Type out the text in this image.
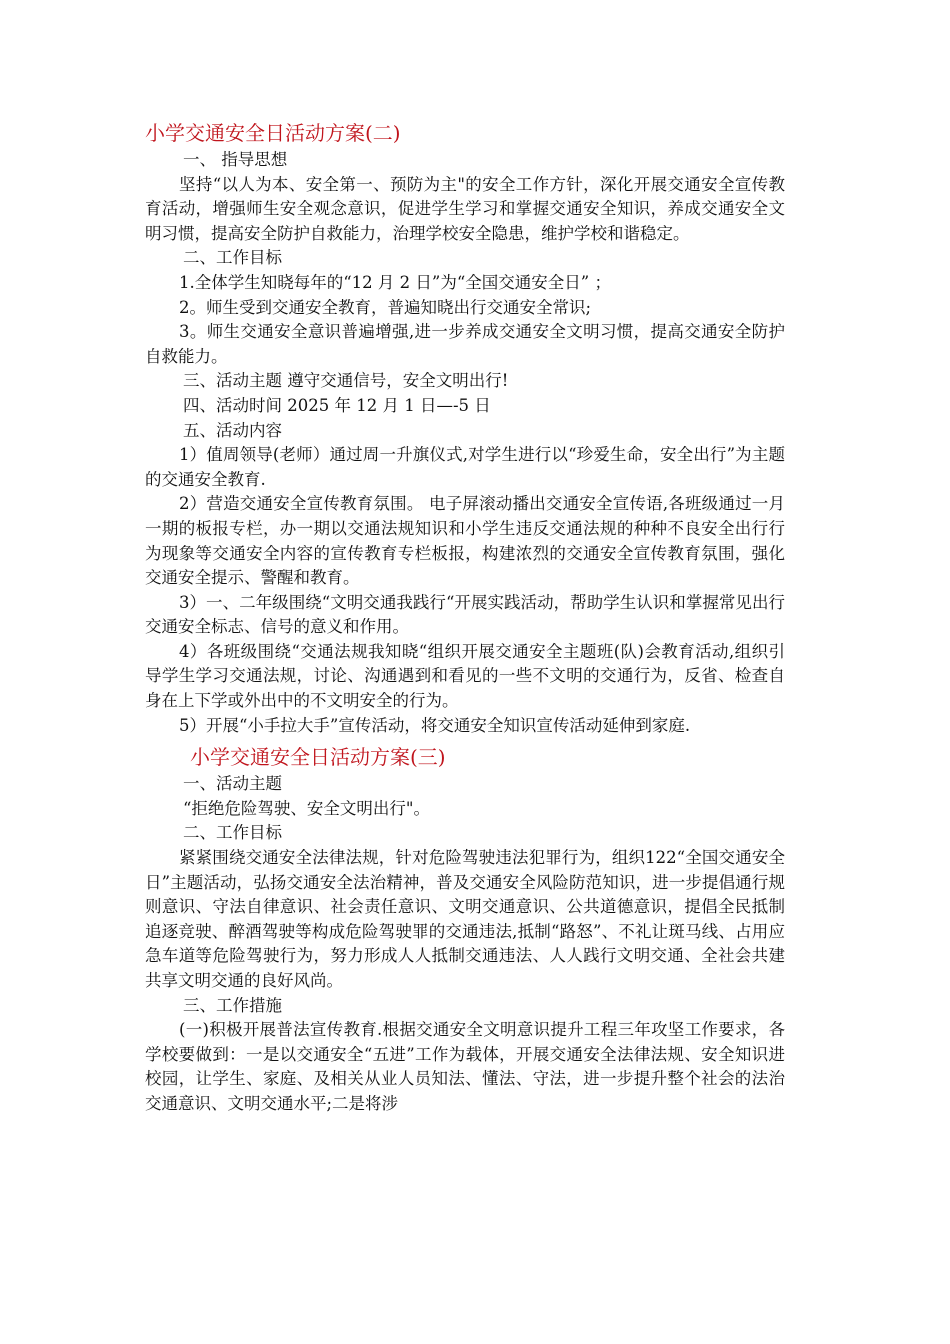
小学交通安全日活动方案(二)

一、 指导思想

坚持“以人为本、安全第一、预防为主"的安全工作方针，深化开展交通安全宣传教育活动，增强师生安全观念意识，促进学生学习和掌握交通安全知识，养成交通安全文明习惯，提高安全防护自救能力，治理学校安全隐患，维护学校和谐稳定。

二、工作目标

1.全体学生知晓每年的“12 月 2 日”为“全国交通安全日” ；

2。师生受到交通安全教育，普遍知晓出行交通安全常识;

3。师生交通安全意识普遍增强,进一步养成交通安全文明习惯，提高交通安全防护自救能力。

三、活动主题 遵守交通信号，安全文明出行!

四、活动时间 2025 年 12 月 1 日—-5 日

五、活动内容

1）值周领导(老师）通过周一升旗仪式,对学生进行以“珍爱生命，安全出行”为主题的交通安全教育.

2）营造交通安全宣传教育氛围。 电子屏滚动播出交通安全宣传语,各班级通过一月一期的板报专栏，办一期以交通法规知识和小学生违反交通法规的种种不良安全出行行为现象等交通安全内容的宣传教育专栏板报，构建浓烈的交通安全宣传教育氛围，强化交通安全提示、警醒和教育。

3）一、二年级围绕“文明交通我践行“开展实践活动，帮助学生认识和掌握常见出行交通安全标志、信号的意义和作用。

4）各班级围绕“交通法规我知晓“组织开展交通安全主题班(队)会教育活动,组织引导学生学习交通法规，讨论、沟通遇到和看见的一些不文明的交通行为，反省、检查自身在上下学或外出中的不文明安全的行为。

5）开展“小手拉大手”宣传活动，将交通安全知识宣传活动延伸到家庭.

小学交通安全日活动方案(三)

一、活动主题

“拒绝危险驾驶、安全文明出行"。

二、工作目标

紧紧围绕交通安全法律法规，针对危险驾驶违法犯罪行为，组织122“全国交通安全日”主题活动，弘扬交通安全法治精神，普及交通安全风险防范知识，进一步提倡通行规则意识、守法自律意识、社会责任意识、文明交通意识、公共道德意识，提倡全民抵制追逐竞驶、醉酒驾驶等构成危险驾驶罪的交通违法,抵制“路怒”、不礼让斑马线、占用应急车道等危险驾驶行为，努力形成人人抵制交通违法、人人践行文明交通、全社会共建共享文明交通的良好风尚。

三、工作措施

(一)积极开展普法宣传教育.根据交通安全文明意识提升工程三年攻坚工作要求，各学校要做到：一是以交通安全“五进”工作为载体，开展交通安全法律法规、安全知识进校园，让学生、家庭、及相关从业人员知法、懂法、守法，进一步提升整个社会的法治交通意识、文明交通水平;二是将涉
